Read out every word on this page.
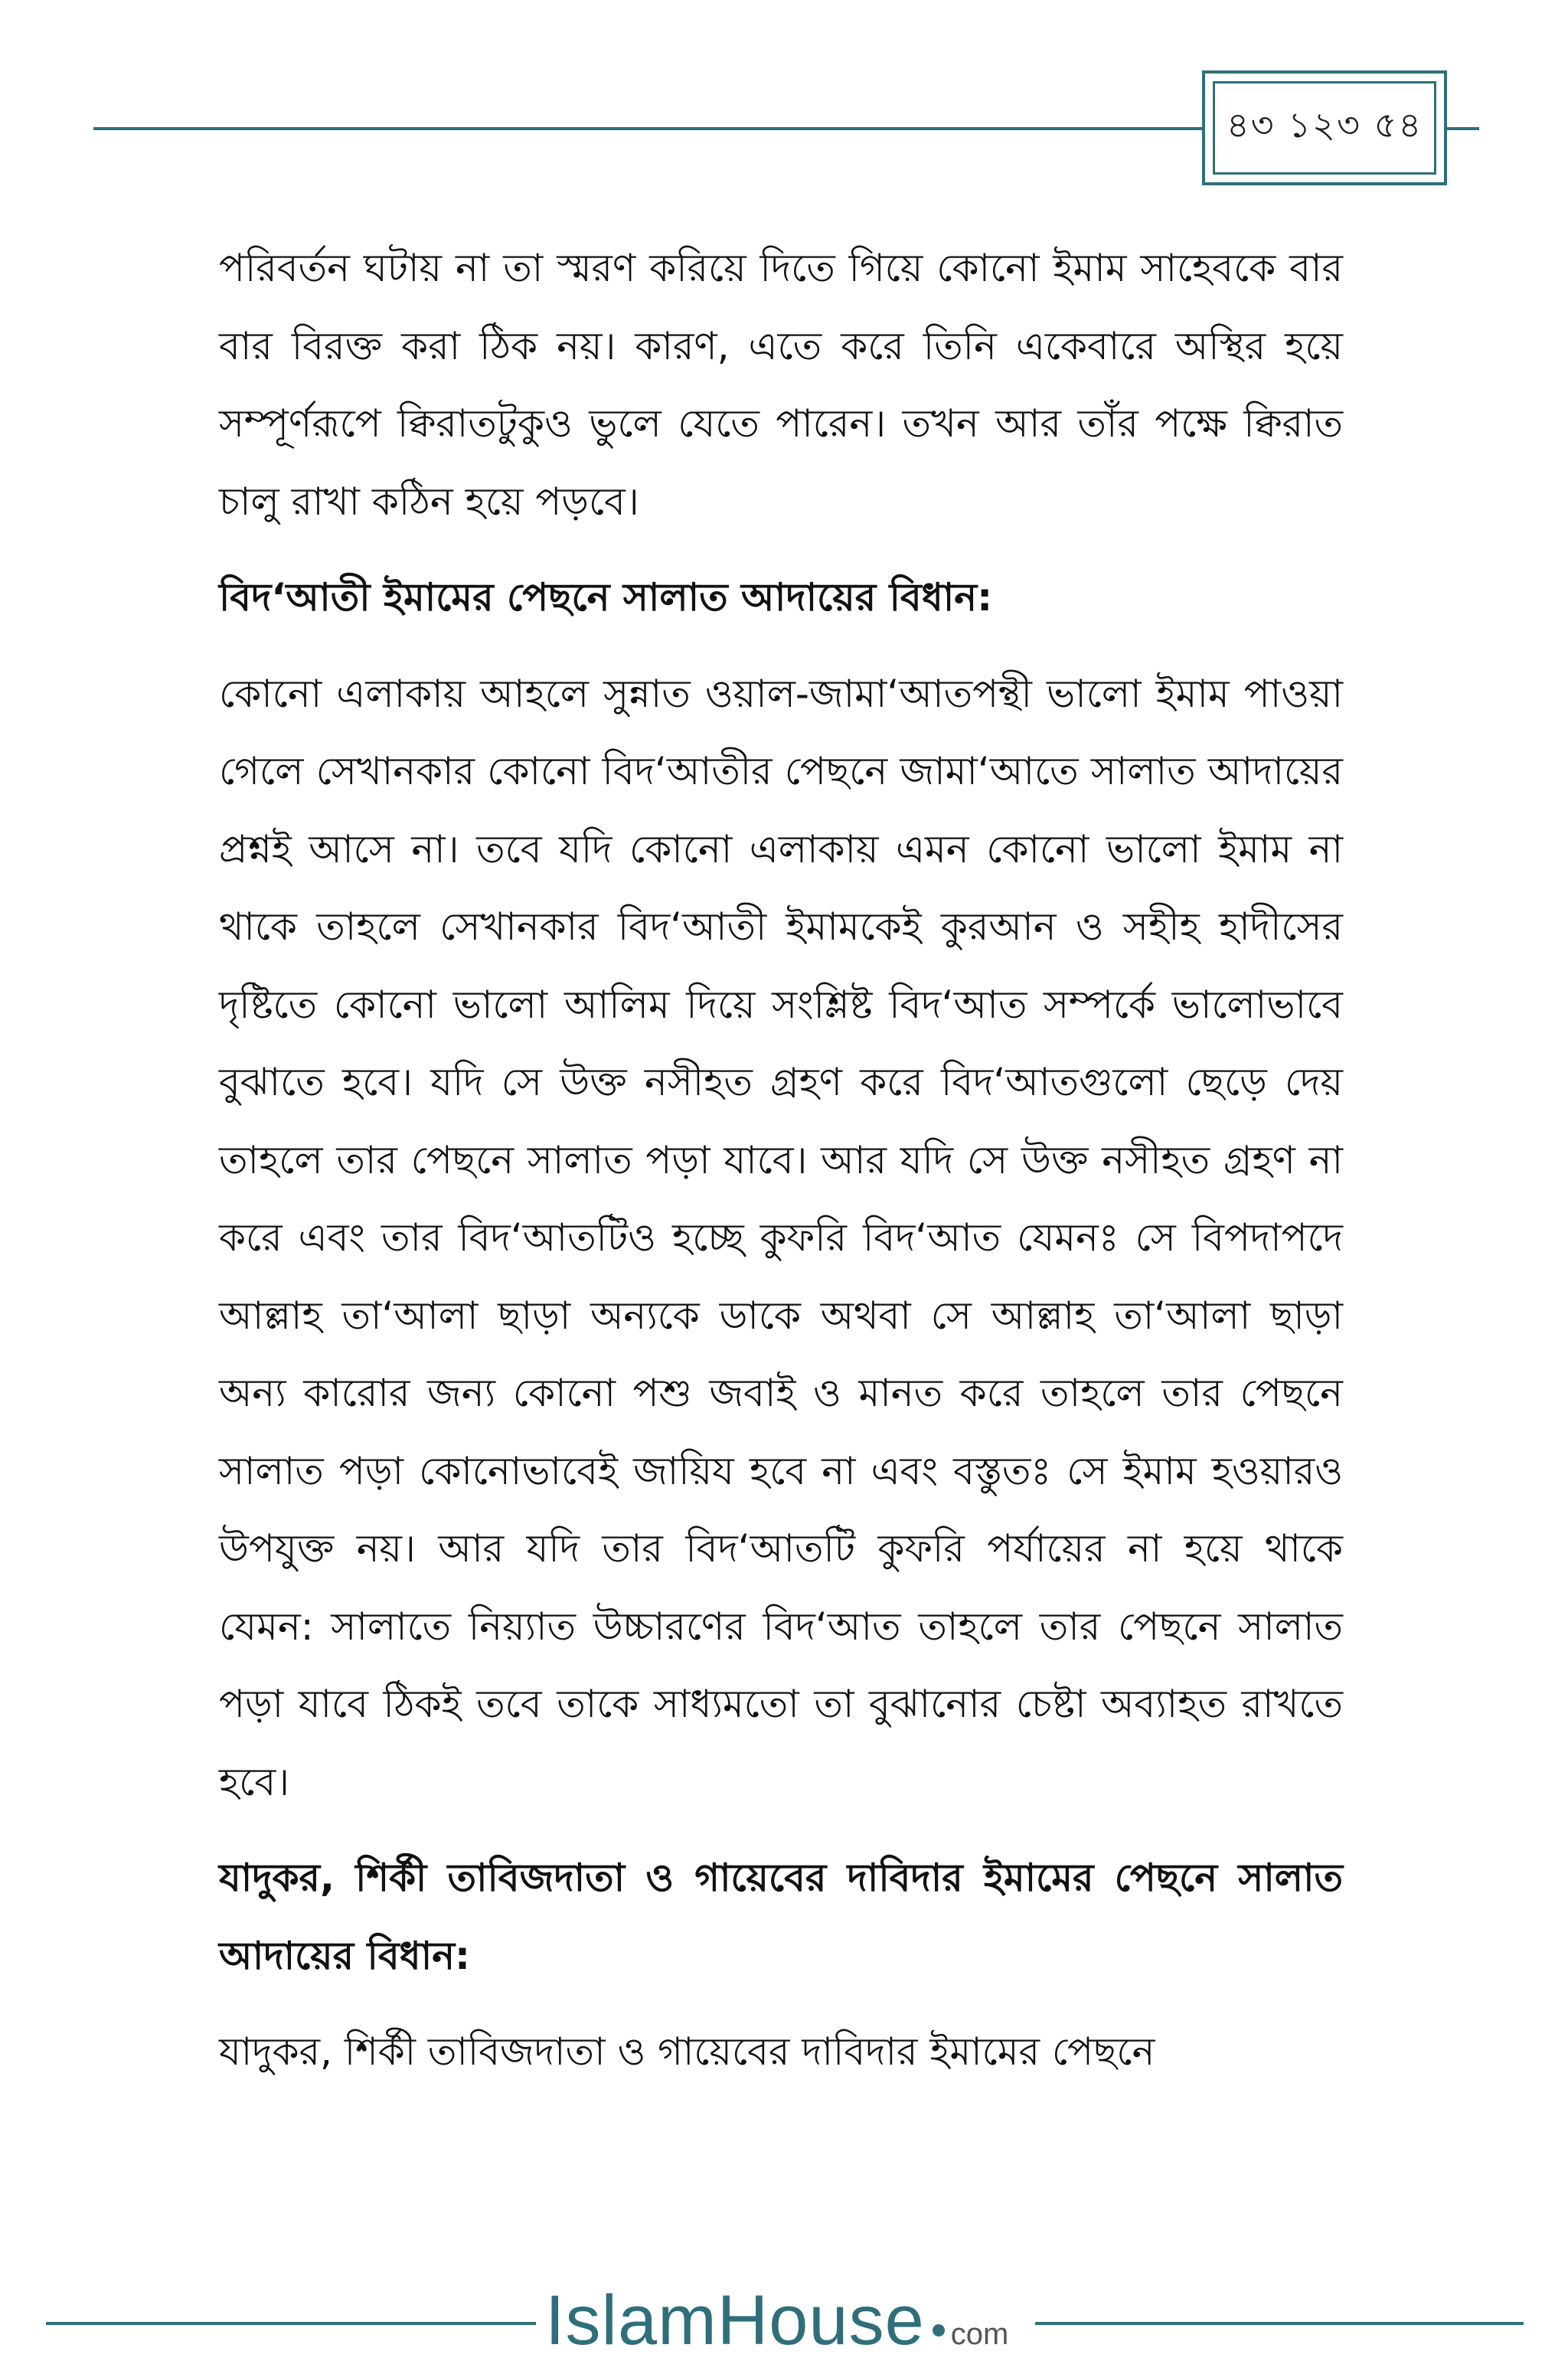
৪৩ ১২৩ ৫৪

পরিবর্তন ঘটায় না তা স্মরণ করিয়ে দিতে গিয়ে কোনো ইমাম সাহেবকে বার বার বিরক্ত করা ঠিক নয়। কারণ, এতে করে তিনি একেবারে অস্থির হয়ে সম্পূর্ণরূপে ক্বিরাতটুকুও ভুলে যেতে পারেন। তখন আর তাঁর পক্ষে ক্বিরাত চালু রাখা কঠিন হয়ে পড়বে।

বিদ‘আতী ইমামের পেছনে সালাত আদায়ের বিধান:

কোনো এলাকায় আহলে সুন্নাত ওয়াল-জামা‘আতপন্থী ভালো ইমাম পাওয়া গেলে সেখানকার কোনো বিদ‘আতীর পেছনে জামা‘আতে সালাত আদায়ের প্রশ্নই আসে না। তবে যদি কোনো এলাকায় এমন কোনো ভালো ইমাম না থাকে তাহলে সেখানকার বিদ‘আতী ইমামকেই কুরআন ও সহীহ হাদীসের দৃষ্টিতে কোনো ভালো আলিম দিয়ে সংশ্লিষ্ট বিদ‘আত সম্পর্কে ভালোভাবে বুঝাতে হবে। যদি সে উক্ত নসীহত গ্রহণ করে বিদ‘আতগুলো ছেড়ে দেয় তাহলে তার পেছনে সালাত পড়া যাবে। আর যদি সে উক্ত নসীহত গ্রহণ না করে এবং তার বিদ‘আতটিও হচ্ছে কুফরি বিদ‘আত যেমনঃ সে বিপদাপদে আল্লাহ তা‘আলা ছাড়া অন্যকে ডাকে অথবা সে আল্লাহ তা‘আলা ছাড়া অন্য কারোর জন্য কোনো পশু জবাই ও মানত করে তাহলে তার পেছনে সালাত পড়া কোনোভাবেই জায়িয হবে না এবং বস্তুতঃ সে ইমাম হওয়ারও উপযুক্ত নয়। আর যদি তার বিদ‘আতটি কুফরি পর্যায়ের না হয়ে থাকে যেমন: সালাতে নিয়্যাত উচ্চারণের বিদ‘আত তাহলে তার পেছনে সালাত পড়া যাবে ঠিকই তবে তাকে সাধ্যমতো তা বুঝানোর চেষ্টা অব্যাহত রাখতে হবে।

যাদুকর, শির্কী তাবিজদাতা ও গায়েবের দাবিদার ইমামের পেছনে সালাত আদায়ের বিধান:

যাদুকর, শির্কী তাবিজদাতা ও গায়েবের দাবিদার ইমামের পেছনে

IslamHouse com
